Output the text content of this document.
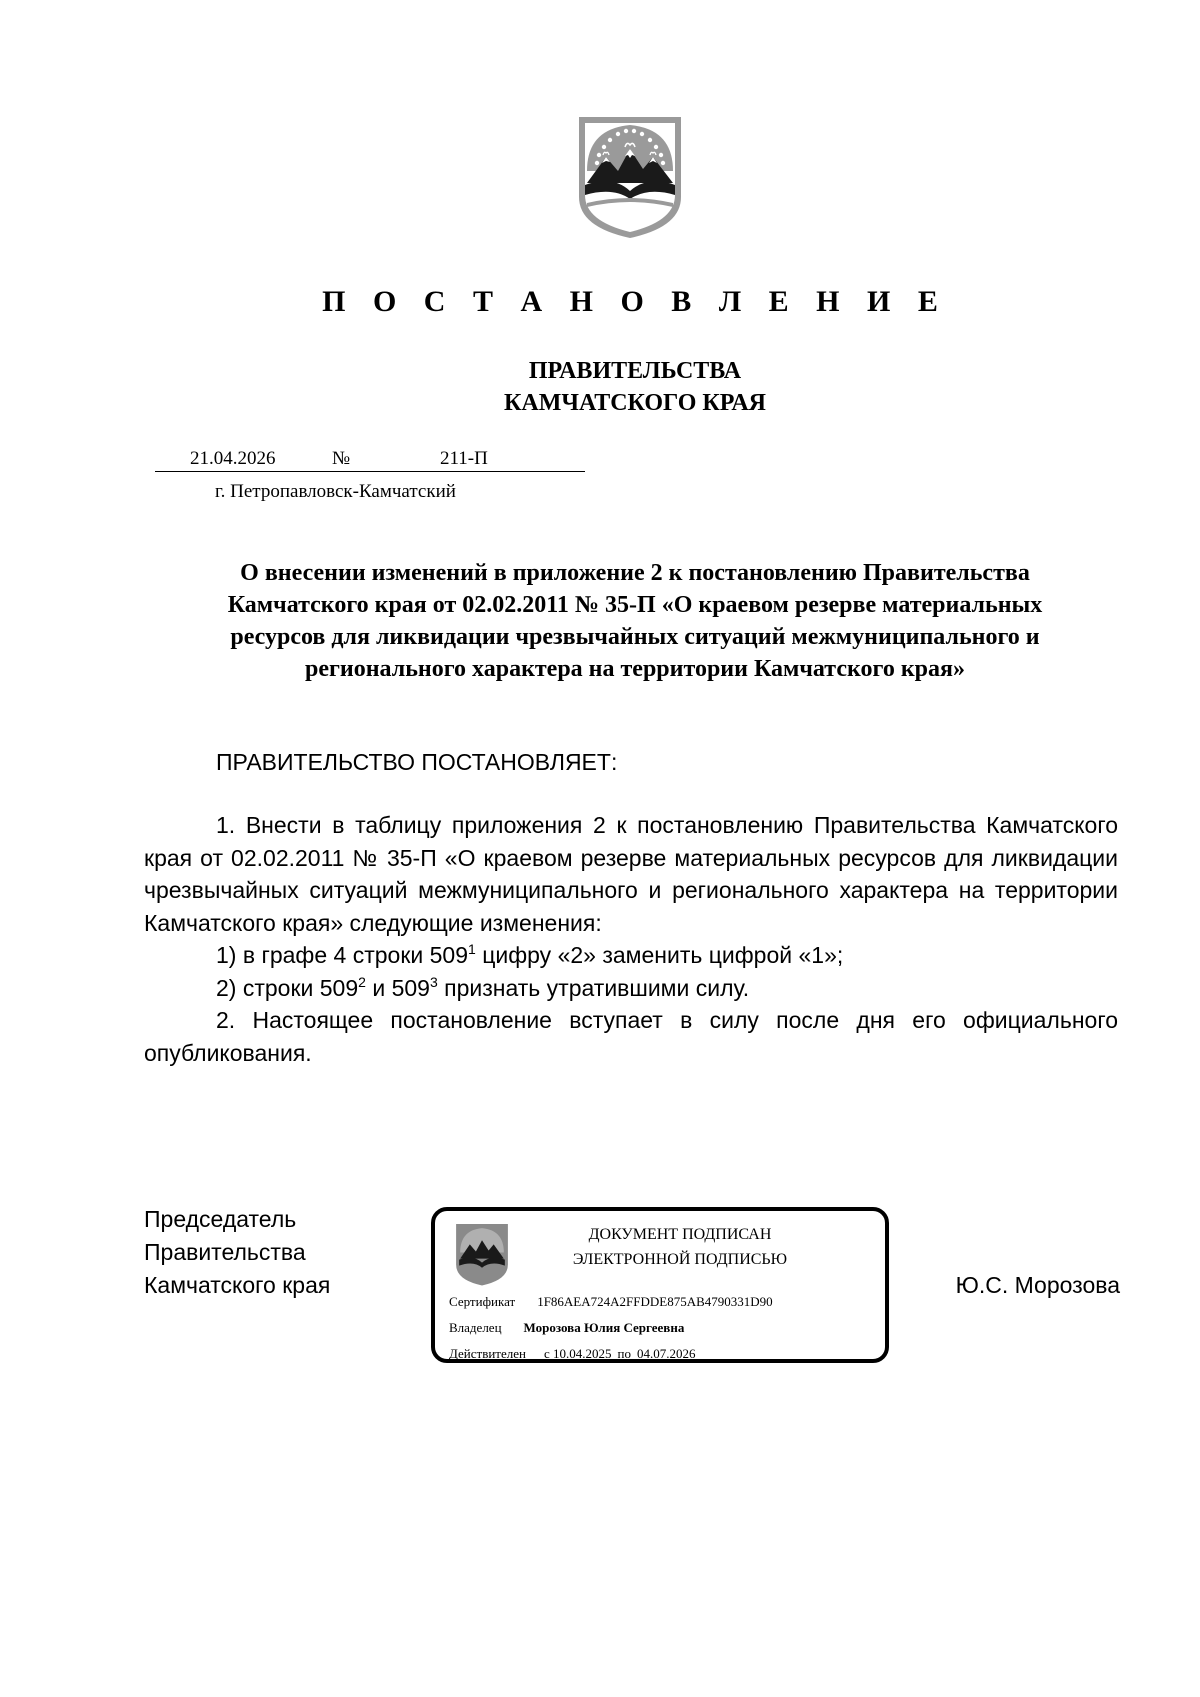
П О С Т А Н О В Л Е Н И Е
ПРАВИТЕЛЬСТВА
КАМЧАТСКОГО КРАЯ
21.04.2026	№	211-П
г. Петропавловск-Камчатский
О внесении изменений в приложение 2 к постановлению Правительства
Камчатского края от 02.02.2011 № 35-П «О краевом резерве материальных
ресурсов для ликвидации чрезвычайных ситуаций межмуниципального и
регионального характера на территории Камчатского края»
ПРАВИТЕЛЬСТВО ПОСТАНОВЛЯЕТ:

1. Внести в таблицу приложения 2 к постановлению Правительства Камчатского края от 02.02.2011 № 35-П «О краевом резерве материальных ресурсов для ликвидации чрезвычайных ситуаций межмуниципального и регионального характера на территории Камчатского края» следующие изменения:

1) в графе 4 строки $509^1$ цифру «2» заменить цифрой «1»;

2) строки $509^2$ и $509^3$ признать утратившими силу.

2. Настоящее постановление вступает в силу после дня его официального опубликования.

Председатель
Правительства
Камчатского края
ДОКУМЕНТ ПОДПИСАН
ЭЛЕКТРОННОЙ ПОДПИСЬЮ
Сертификат 1F86AEA724A2FFDDE875AB4790331D90
Владелец Морозова Юлия Сергеевна
Действителен с 10.04.2025 по 04.07.2026
Ю.С. Морозова
